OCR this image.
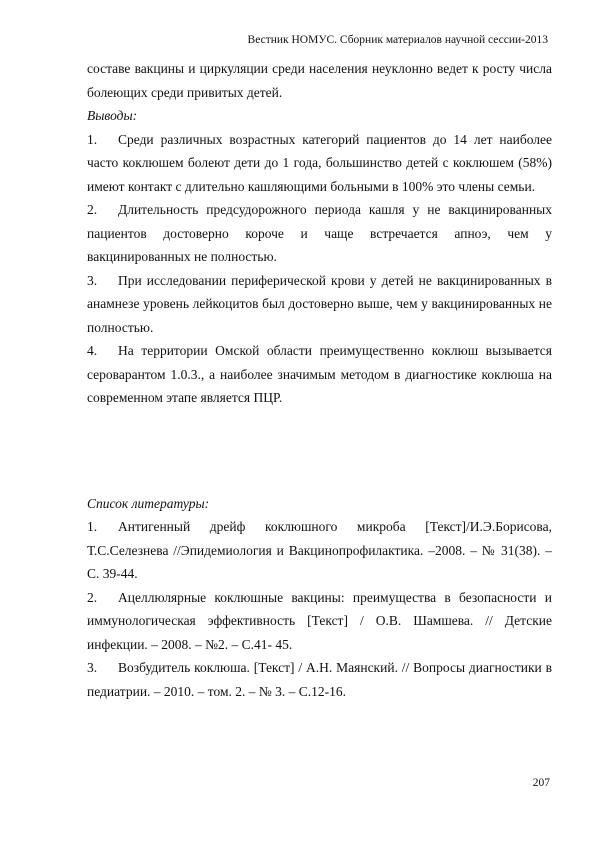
Вестник НОМУС. Сборник материалов научной сессии-2013

составе вакцины и циркуляции среди населения неуклонно ведет к росту числа болеющих среди привитых детей.

Выводы:

1. Среди различных возрастных категорий пациентов до 14 лет наиболее часто коклюшем болеют дети до 1 года, большинство детей с коклюшем (58%) имеют контакт с длительно кашляющими больными в 100% это члены семьи.

2. Длительность предсудорожного периода кашля у не вакцинированных пациентов достоверно короче и чаще встречается апноэ, чем у вакцинированных не полностью.

3. При исследовании периферической крови у детей не вакцинированных в анамнезе уровень лейкоцитов был достоверно выше, чем у вакцинированных не полностью.

4. На территории Омской области преимущественно коклюш вызывается сероварaнтом 1.0.3., а наиболее значимым методом в диагностике коклюша на современном этапе является ПЦР.

Список литературы:

1. Антигенный дрейф коклюшного микроба [Текст]/И.Э.Борисова, Т.С.Селезнева //Эпидемиология и Вакцинопрофилактика. –2008. – № 31(38). – С. 39-44.

2. Ацеллюлярные коклюшные вакцины: преимущества в безопасности и иммунологическая эффективность [Текст] / О.В. Шамшева. // Детские инфекции. – 2008. – №2. – С.41- 45.

3. Возбудитель коклюша. [Текст] / А.Н. Маянский. // Вопросы диагностики в педиатрии. – 2010. – том. 2. – № 3. – С.12-16.

207
